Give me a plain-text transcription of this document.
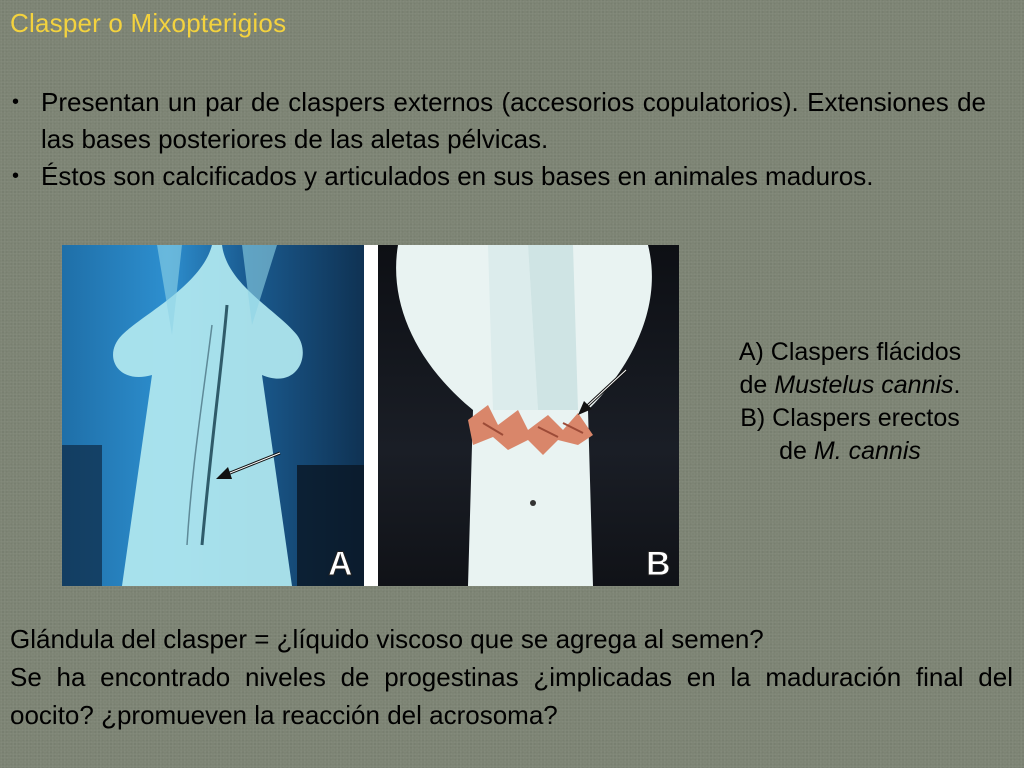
Clasper o Mixopterigios
• Presentan un par de claspers externos (accesorios copulatorios). Extensiones de las bases posteriores de las aletas pélvicas.
• Éstos son calcificados y articulados en sus bases en animales maduros.
A	B
A) Claspers flácidos
de Mustelus cannis.
B) Claspers erectos
de M. cannis

Glándula del clasper = ¿líquido viscoso que se agrega al semen?

Se ha encontrado niveles de progestinas ¿implicadas en la maduración final del oocito? ¿promueven la reacción del acrosoma?
